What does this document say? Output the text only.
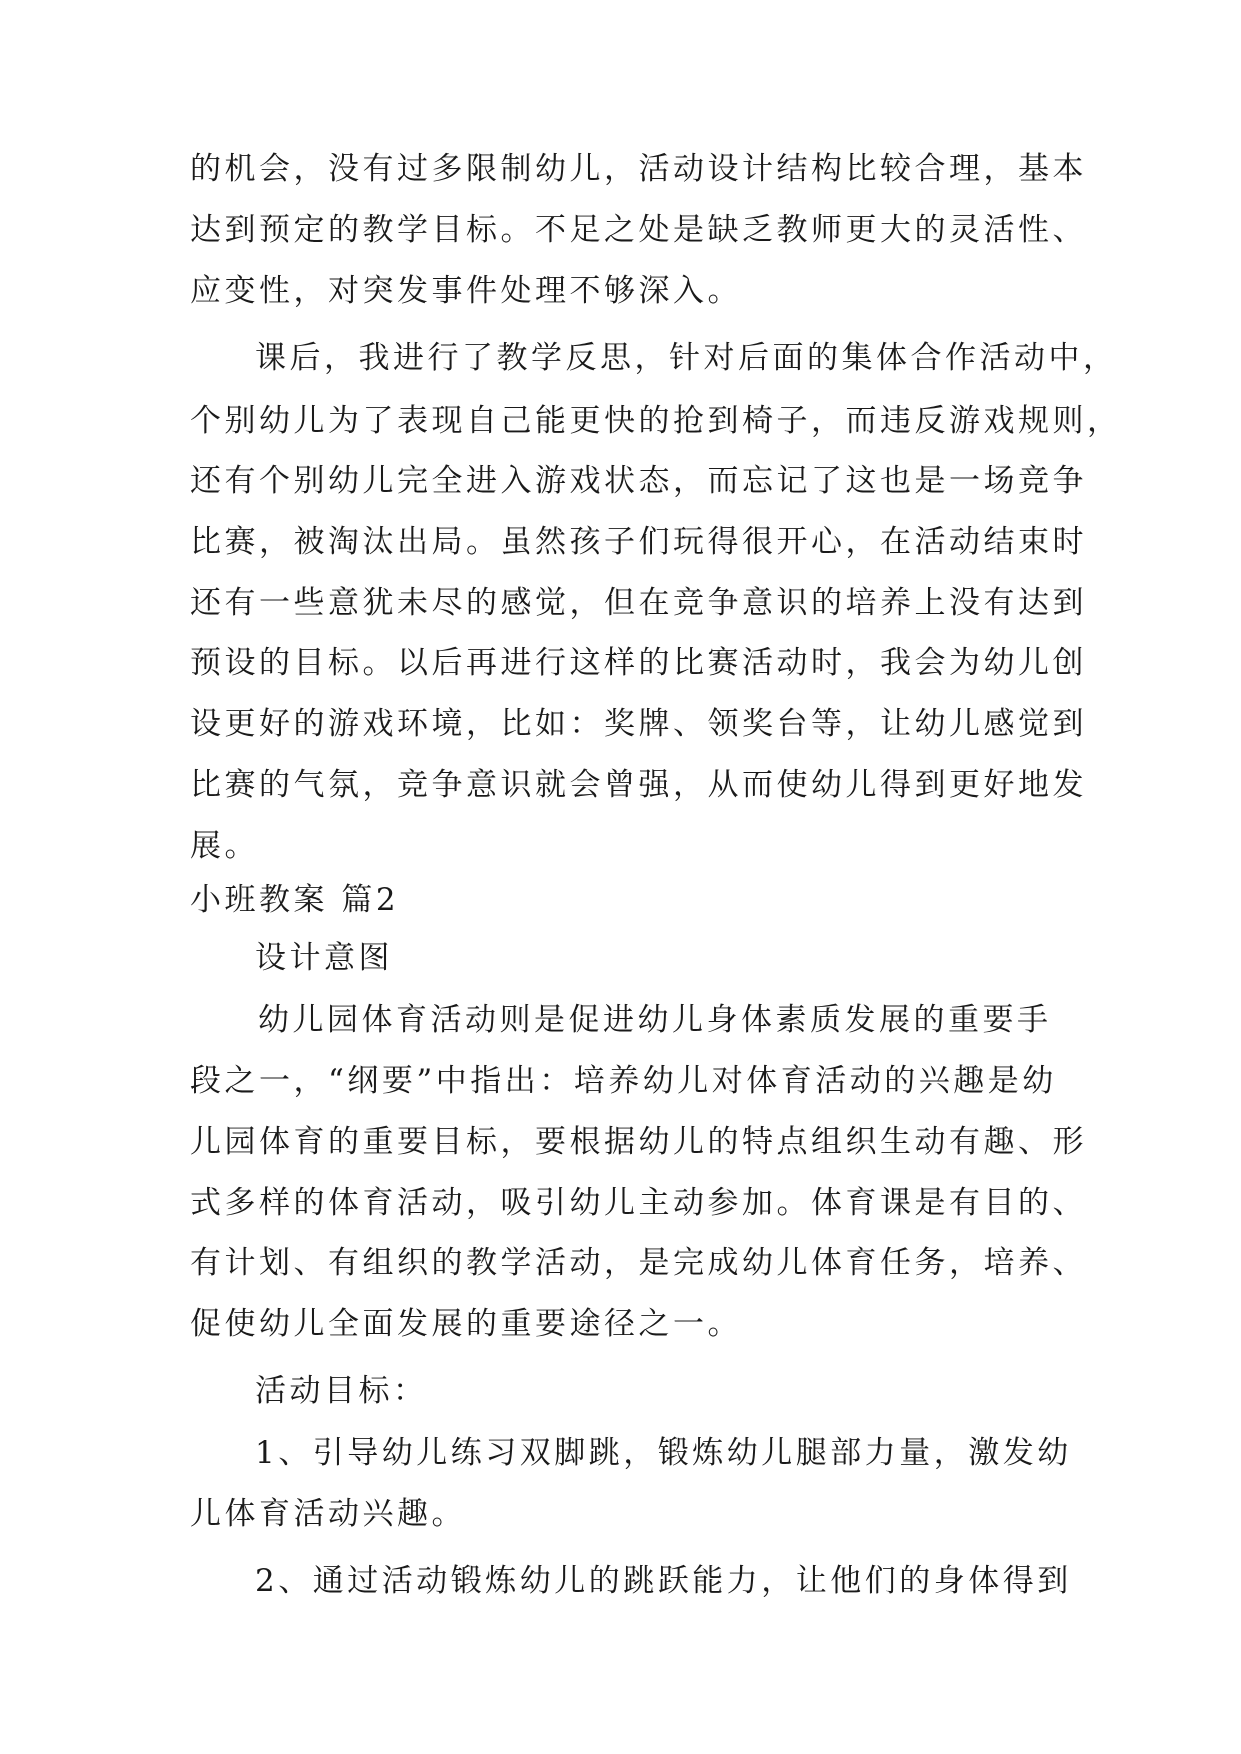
的机会，没有过多限制幼儿，活动设计结构比较合理，基本
达到预定的教学目标。不足之处是缺乏教师更大的灵活性、
应变性，对突发事件处理不够深入。
课后，我进行了教学反思，针对后面的集体合作活动中，
个别幼儿为了表现自己能更快的抢到椅子，而违反游戏规则，
还有个别幼儿完全进入游戏状态，而忘记了这也是一场竞争
比赛，被淘汰出局。虽然孩子们玩得很开心，在活动结束时
还有一些意犹未尽的感觉，但在竞争意识的培养上没有达到
预设的目标。以后再进行这样的比赛活动时，我会为幼儿创
设更好的游戏环境，比如：奖牌、领奖台等，让幼儿感觉到
比赛的气氛，竞争意识就会曾强，从而使幼儿得到更好地发
展。
小班教案 篇2
设计意图
幼儿园体育活动则是促进幼儿身体素质发展的重要手
段之一，“纲要”中指出：培养幼儿对体育活动的兴趣是幼
儿园体育的重要目标，要根据幼儿的特点组织生动有趣、形
式多样的体育活动，吸引幼儿主动参加。体育课是有目的、
有计划、有组织的教学活动，是完成幼儿体育任务，培养、
促使幼儿全面发展的重要途径之一。
活动目标：
1、引导幼儿练习双脚跳，锻炼幼儿腿部力量，激发幼
儿体育活动兴趣。
2、通过活动锻炼幼儿的跳跃能力，让他们的身体得到
